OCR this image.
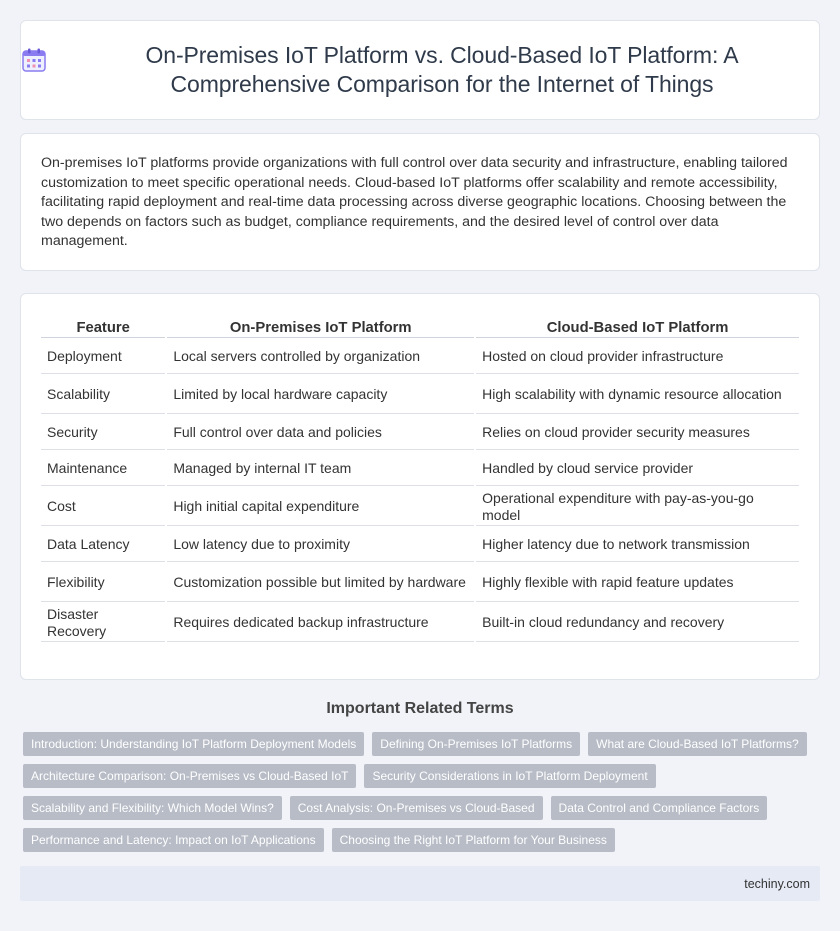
On-Premises IoT Platform vs. Cloud-Based IoT Platform: A Comprehensive Comparison for the Internet of Things

On-premises IoT platforms provide organizations with full control over data security and infrastructure, enabling tailored customization to meet specific operational needs. Cloud-based IoT platforms offer scalability and remote accessibility, facilitating rapid deployment and real-time data processing across diverse geographic locations. Choosing between the two depends on factors such as budget, compliance requirements, and the desired level of control over data management.

Feature	On-Premises IoT Platform	Cloud-Based IoT Platform
Deployment	Local servers controlled by organization	Hosted on cloud provider infrastructure
Scalability	Limited by local hardware capacity	High scalability with dynamic resource allocation
Security	Full control over data and policies	Relies on cloud provider security measures
Maintenance	Managed by internal IT team	Handled by cloud service provider
Cost	High initial capital expenditure	Operational expenditure with pay-as-you-go model
Data Latency	Low latency due to proximity	Higher latency due to network transmission
Flexibility	Customization possible but limited by hardware	Highly flexible with rapid feature updates
Disaster Recovery	Requires dedicated backup infrastructure	Built-in cloud redundancy and recovery
Important Related Terms
Introduction: Understanding IoT Platform Deployment Models	Defining On-Premises IoT Platforms	What are Cloud-Based IoT Platforms?
Architecture Comparison: On-Premises vs Cloud-Based IoT	Security Considerations in IoT Platform Deployment
Scalability and Flexibility: Which Model Wins?	Cost Analysis: On-Premises vs Cloud-Based	Data Control and Compliance Factors
Performance and Latency: Impact on IoT Applications	Choosing the Right IoT Platform for Your Business
techiny.com
